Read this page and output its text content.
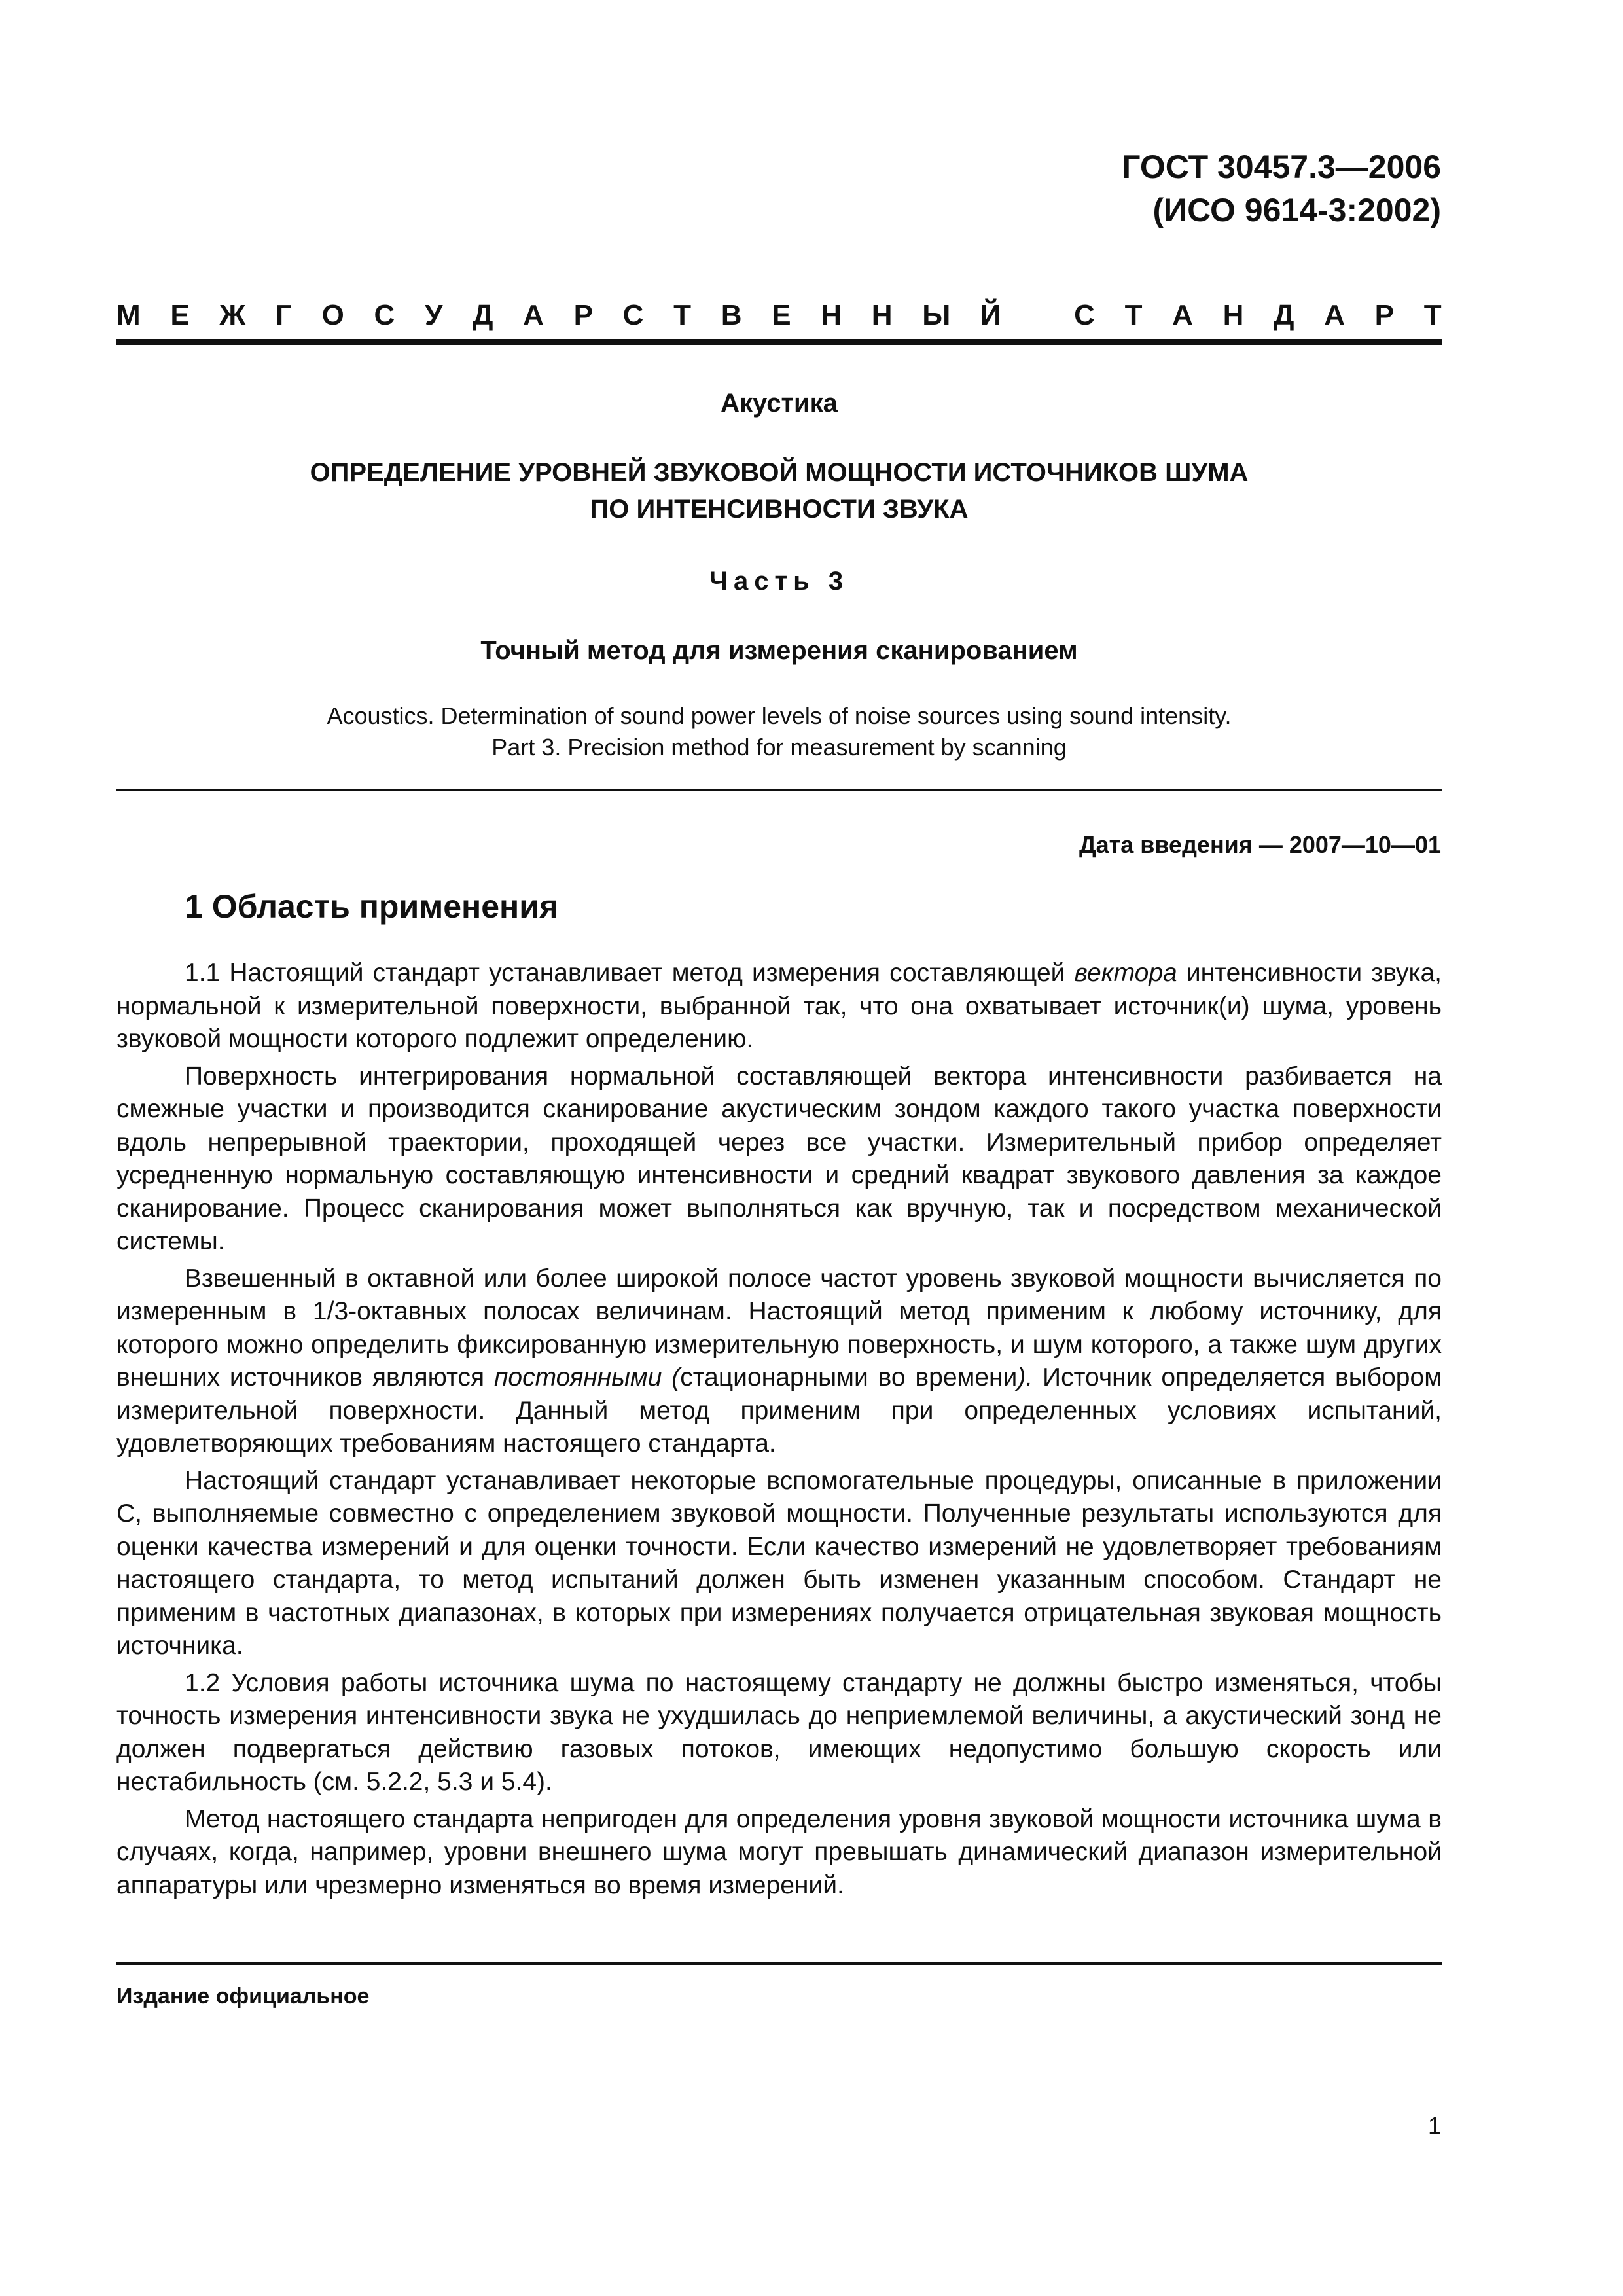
ГОСТ 30457.3—2006
(ИСО 9614-3:2002)
М Е Ж Г О С У Д А Р С Т В Е Н Н Ы Й	С Т А Н Д А Р Т
Акустика
ОПРЕДЕЛЕНИЕ УРОВНЕЙ ЗВУКОВОЙ МОЩНОСТИ ИСТОЧНИКОВ ШУМА
ПО ИНТЕНСИВНОСТИ ЗВУКА
Часть 3
Точный метод для измерения сканированием
Acoustics. Determination of sound power levels of noise sources using sound intensity.
Part 3. Precision method for measurement by scanning
Дата введения — 2007—10—01
1 Область применения

1.1 Настоящий стандарт устанавливает метод измерения составляющей вектора интенсивности звука, нормальной к измерительной поверхности, выбранной так, что она охватывает источник(и) шума, уровень звуковой мощности которого подлежит определению.

Поверхность интегрирования нормальной составляющей вектора интенсивности разбивается на смежные участки и производится сканирование акустическим зондом каждого такого участка поверхности вдоль непрерывной траектории, проходящей через все участки. Измерительный прибор определяет усредненную нормальную составляющую интенсивности и средний квадрат звукового давления за каждое сканирование. Процесс сканирования может выполняться как вручную, так и посредством механической системы.

Взвешенный в октавной или более широкой полосе частот уровень звуковой мощности вычисляется по измеренным в 1/3-октавных полосах величинам. Настоящий метод применим к любому источнику, для которого можно определить фиксированную измерительную поверхность, и шум которого, а также шум других внешних источников являются постоянными (стационарными во времени). Источник определяется выбором измерительной поверхности. Данный метод применим при определенных условиях испытаний, удовлетворяющих требованиям настоящего стандарта.

Настоящий стандарт устанавливает некоторые вспомогательные процедуры, описанные в приложении С, выполняемые совместно с определением звуковой мощности. Полученные результаты используются для оценки качества измерений и для оценки точности. Если качество измерений не удовлетворяет требованиям настоящего стандарта, то метод испытаний должен быть изменен указанным способом. Стандарт не применим в частотных диапазонах, в которых при измерениях получается отрицательная звуковая мощность источника.

1.2 Условия работы источника шума по настоящему стандарту не должны быстро изменяться, чтобы точность измерения интенсивности звука не ухудшилась до неприемлемой величины, а акустический зонд не должен подвергаться действию газовых потоков, имеющих недопустимо большую скорость или нестабильность (см. 5.2.2, 5.3 и 5.4).

Метод настоящего стандарта непригоден для определения уровня звуковой мощности источника шума в случаях, когда, например, уровни внешнего шума могут превышать динамический диапазон измерительной аппаратуры или чрезмерно изменяться во время измерений.

Издание официальное
1
